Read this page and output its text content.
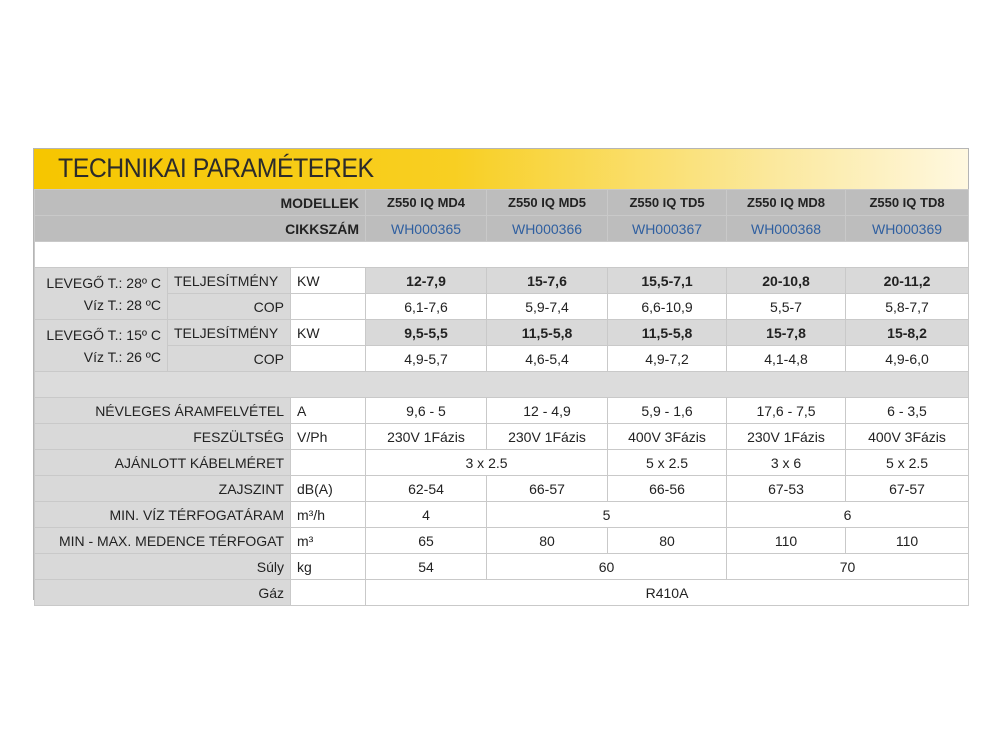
TECHNIKAI PARAMÉTEREK
MODELLEK			Z550 IQ MD4	Z550 IQ MD5	Z550 IQ TD5	Z550 IQ MD8	Z550 IQ TD8	
CIKKSZÁM			WH000365	WH000366	WH000367	WH000368	WH000369	

LEVEGŐ T.: 28º C
Víz T.: 28 ºC	TELJESÍTMÉNY	KW	12-7,9	15-7,6	15,5-7,1	20-10,8	20-11,2	
	COP		6,1-7,6	5,9-7,4	6,6-10,9	5,5-7	5,8-7,7	

LEVEGŐ T.: 15º C
Víz T.: 26 ºC	TELJESÍTMÉNY	KW	9,5-5,5	11,5-5,8	11,5-5,8	15-7,8	15-8,2	
	COP		4,9-5,7	4,6-5,4	4,9-7,2	4,1-4,8	4,9-6,0	

NÉVLEGES ÁRAMFELVÉTEL		A	9,6 - 5	12 - 4,9	5,9 - 1,6	17,6 - 7,5	6 - 3,5	
FESZÜLTSÉG		V/Ph	230V 1Fázis	230V 1Fázis	400V 3Fázis	230V 1Fázis	400V 3Fázis	
AJÁNLOTT KÁBELMÉRET			3 x 2.5		5 x 2.5	3 x 6	5 x 2.5	
ZAJSZINT		dB(A)	62-54	66-57	66-56	67-53	67-57	
MIN. VÍZ TÉRFOGATÁRAM		m³/h	4	5		6		
MIN - MAX. MEDENCE TÉRFOGAT		m³	65	80	80	110	110	
Súly		kg	54	60		70		
Gáz			R410A					
